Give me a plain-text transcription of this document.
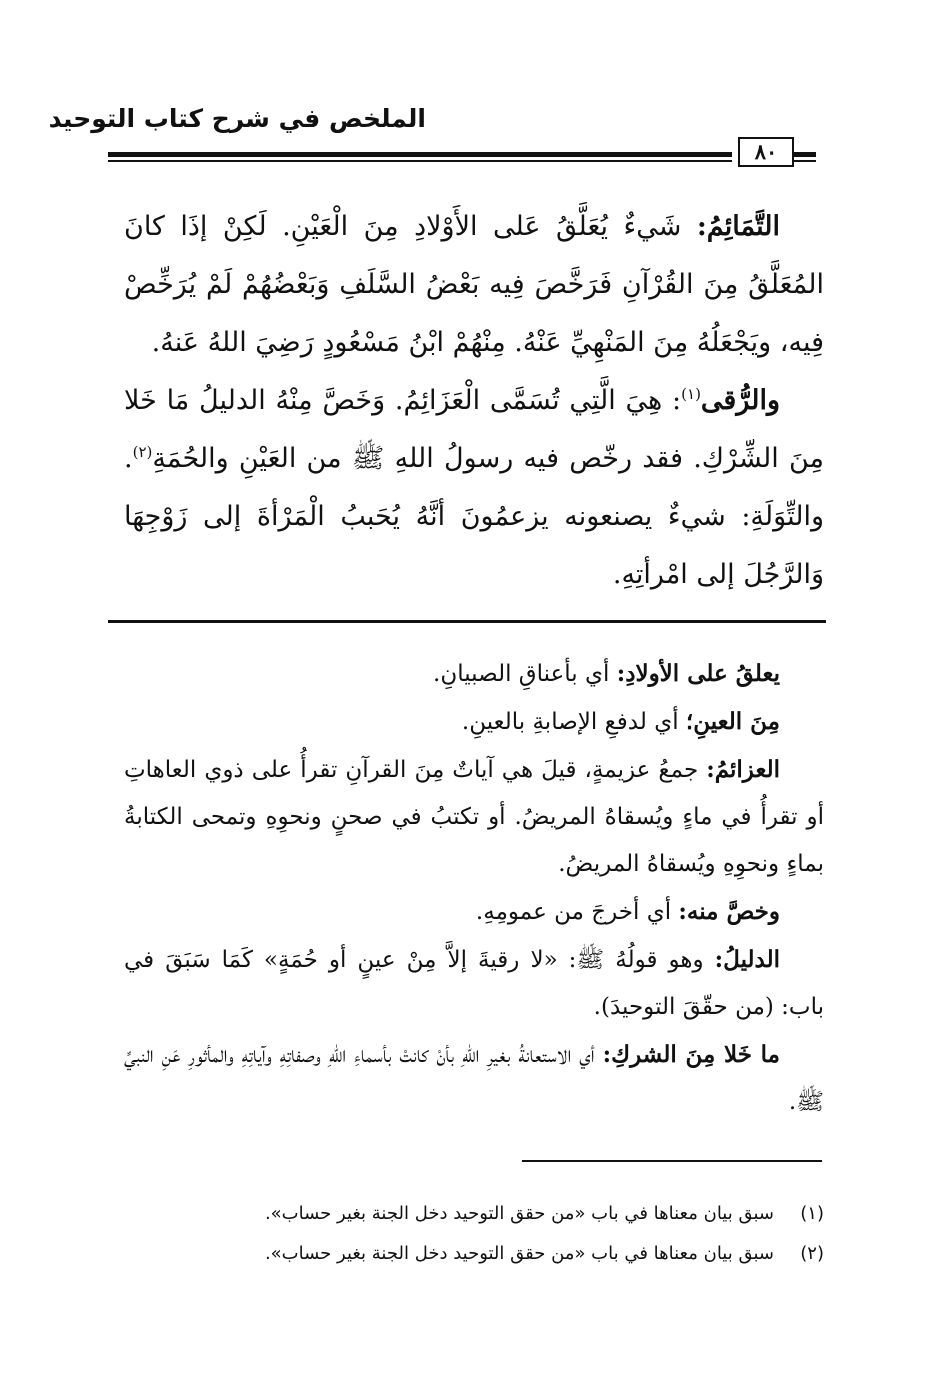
الملخص في شرح كتاب التوحيد
٨٠

التَّمَائِمُ: شَيءٌ يُعَلَّقُ عَلى الأَوْلادِ مِنَ الْعَيْنِ. لَكِنْ إذَا كانَ المُعَلَّقُ مِنَ القُرْآنِ فَرَخَّصَ فِيه بَعْضُ السَّلَفِ وَبَعْضُهُمْ لَمْ يُرَخِّصْ فِيه، ويَجْعَلُهُ مِنَ المَنْهِيِّ عَنْهُ. مِنْهُمْ ابْنُ مَسْعُودٍ رَضِيَ اللهُ عَنهُ.

والرُّقى$^{(١)}$: هِيَ الَّتِي تُسَمَّى الْعَزَائِمُ. وَخَصَّ مِنْهُ الدليلُ مَا خَلا مِنَ الشِّرْكِ. فقد رخّص فيه رسولُ اللهِ ﷺ من العَيْنِ والحُمَةِ$^{(٢)}$. والتِّوَلَةِ: شيءٌ يصنعونه يزعمُونَ أنَّهُ يُحَببُ الْمَرْأةَ إلى زَوْجِهَا وَالرَّجُلَ إلى امْرأتِهِ.

يعلقُ على الأولادِ: أي بأعناقِ الصبيانِ.

مِنَ العينِ؛ أي لدفعِ الإصابةِ بالعينِ.

العزائمُ: جمعُ عزيمةٍ، قيلَ هي آياتٌ مِنَ القرآنِ تقرأُ على ذوي العاهاتِ أو تقرأُ في ماءٍ ويُسقاهُ المريضُ. أو تكتبُ في صحنٍ ونحوِهِ وتمحى الكتابةُ بماءٍ ونحوِهِ ويُسقاهُ المريضُ.

وخصَّ منه: أي أخرجَ من عمومِهِ.

الدليلُ: وهو قولُهُ ﷺ: «لا رقيةَ إلاَّ مِنْ عينٍ أو حُمَةٍ» كَمَا سَبَقَ في باب: (من حقّقَ التوحيدَ).

ما خَلا مِنَ الشركِ: أي الاستعانةُ بغيرِ اللهِ بأنْ كانتْ بأسماءِ اللهِ وصفاتِهِ وآياتِهِ والمأثورِ عَنِ النبيِّ ﷺ.

(١)سبق بيان معناها في باب «من حقق التوحيد دخل الجنة بغير حساب».
(٢)سبق بيان معناها في باب «من حقق التوحيد دخل الجنة بغير حساب».
